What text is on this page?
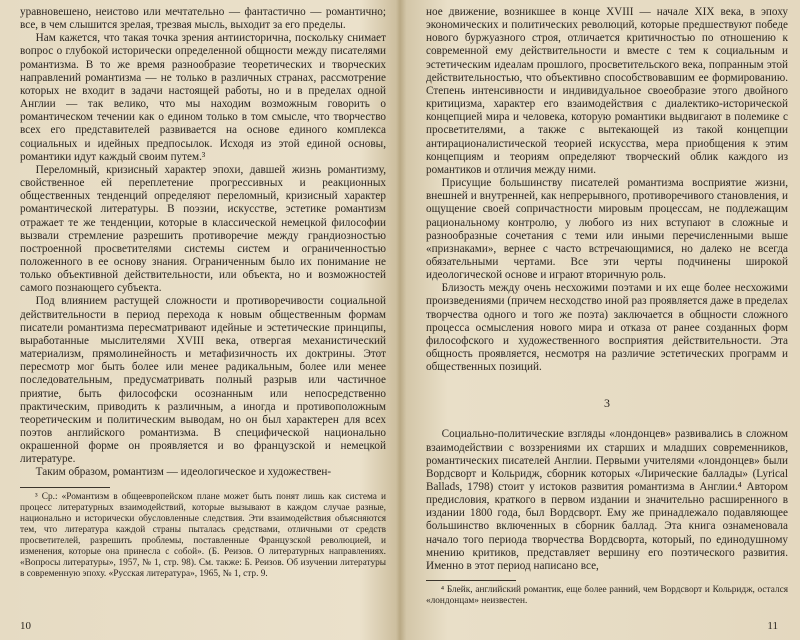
уравновешено, неистово или мечтательно — фантастично — романтично; все, в чем слышится зрелая, трезвая мысль, выходит за его пределы.

Нам кажется, что такая точка зрения антиисторична, поскольку снимает вопрос о глубокой исторически определенной общности между писателями романтизма. В то же время разнообразие теоретических и творческих направлений романтизма — не только в различных странах, рассмотрение которых не входит в задачи настоящей работы, но и в пределах одной Англии — так велико, что мы находим возможным говорить о романтическом течении как о едином только в том смысле, что творчество всех его представителей развивается на основе единого комплекса социальных и идейных предпосылок. Исходя из этой единой основы, романтики идут каждый своим путем.³

Переломный, кризисный характер эпохи, давшей жизнь романтизму, свойственное ей переплетение прогрессивных и реакционных общественных тенденций определяют переломный, кризисный характер романтической литературы. В поэзии, искусстве, эстетике романтизм отражает те же тенденции, которые в классической немецкой философии вызвали стремление разрешить противоречие между грандиозностью построенной просветителями системы систем и ограниченностью положенного в ее основу знания. Ограниченным было их понимание не только объективной действительности, или объекта, но и возможностей самого познающего субъекта.

Под влиянием растущей сложности и противоречивости социальной действительности в период перехода к новым общественным формам писатели романтизма пересматривают идейные и эстетические принципы, выработанные мыслителями XVIII века, отвергая механистический материализм, прямолинейность и метафизичность их доктрины. Этот пересмотр мог быть более или менее радикальным, более или менее последовательным, предусматривать полный разрыв или частичное приятие, быть философски осознанным или непосредственно практическим, приводить к различным, а иногда и противоположным теоретическим и политическим выводам, но он был характерен для всех поэтов английского романтизма. В специфической национально окрашенной форме он проявляется и во французской и немецкой литературе.

Таким образом, романтизм — идеологическое и художествен-

³ Ср.: «Романтизм в общеевропейском плане может быть понят лишь как система и процесс литературных взаимодействий, которые вызывают в каждом случае разные, национально и исторически обусловленные следствия. Эти взаимодействия объясняются тем, что литература каждой страны пыталась средствами, отличными от средств просветителей, разрешить проблемы, поставленные Французской революцией, и изменения, которые она принесла с собой». (Б. Реизов. О литературных направлениях. «Вопросы литературы», 1957, № 1, стр. 98). См. также: Б. Реизов. Об изучении литературы в современную эпоху. «Русская литература», 1965, № 1, стр. 9.

10

ное движение, возникшее в конце XVIII — начале XIX века, в эпоху экономических и политических революций, которые предшествуют победе нового буржуазного строя, отличается критичностью по отношению к современной ему действительности и вместе с тем к социальным и эстетическим идеалам прошлого, просветительского века, попранным этой действительностью, что объективно способствовавшим ее формированию. Степень интенсивности и индивидуальное своеобразие этого двойного критицизма, характер его взаимодействия с диалектико-исторической концепцией мира и человека, которую романтики выдвигают в полемике с просветителями, а также с вытекающей из такой концепции антирационалистической теорией искусства, мера приобщения к этим концепциям и теориям определяют творческий облик каждого из романтиков и отличия между ними.

Присущие большинству писателей романтизма восприятие жизни, внешней и внутренней, как непрерывного, противоречивого становления, и ощущение своей сопричастности мировым процессам, не подлежащим рациональному контролю, у любого из них вступают в сложные и разнообразные сочетания с теми или иными перечисленными выше «признаками», вернее с часто встречающимися, но далеко не всегда обязательными чертами. Все эти черты подчинены широкой идеологической основе и играют вторичную роль.

Близость между очень несхожими поэтами и их еще более несхожими произведениями (причем несходство иной раз проявляется даже в пределах творчества одного и того же поэта) заключается в общности сложного процесса осмысления нового мира и отказа от ранее созданных форм философского и художественного восприятия действительности. Эта общность проявляется, несмотря на различие эстетических программ и общественных позиций.

3

Социально-политические взгляды «лондонцев» развивались в сложном взаимодействии с воззрениями их старших и младших современников, романтических писателей Англии. Первыми учителями «лондонцев» были Вордсворт и Кольридж, сборник которых «Лирические баллады» (Lyrical Ballads, 1798) стоит у истоков развития романтизма в Англии.⁴ Автором предисловия, краткого в первом издании и значительно расширенного в издании 1800 года, был Вордсворт. Ему же принадлежало подавляющее большинство включенных в сборник баллад. Эта книга ознаменовала начало того периода творчества Вордсворта, который, по единодушному мнению критиков, представляет вершину его поэтического развития. Именно в этот период написано все,

⁴ Блейк, английский романтик, еще более ранний, чем Вордсворт и Кольридж, остался «лондонцам» неизвестен.

11
